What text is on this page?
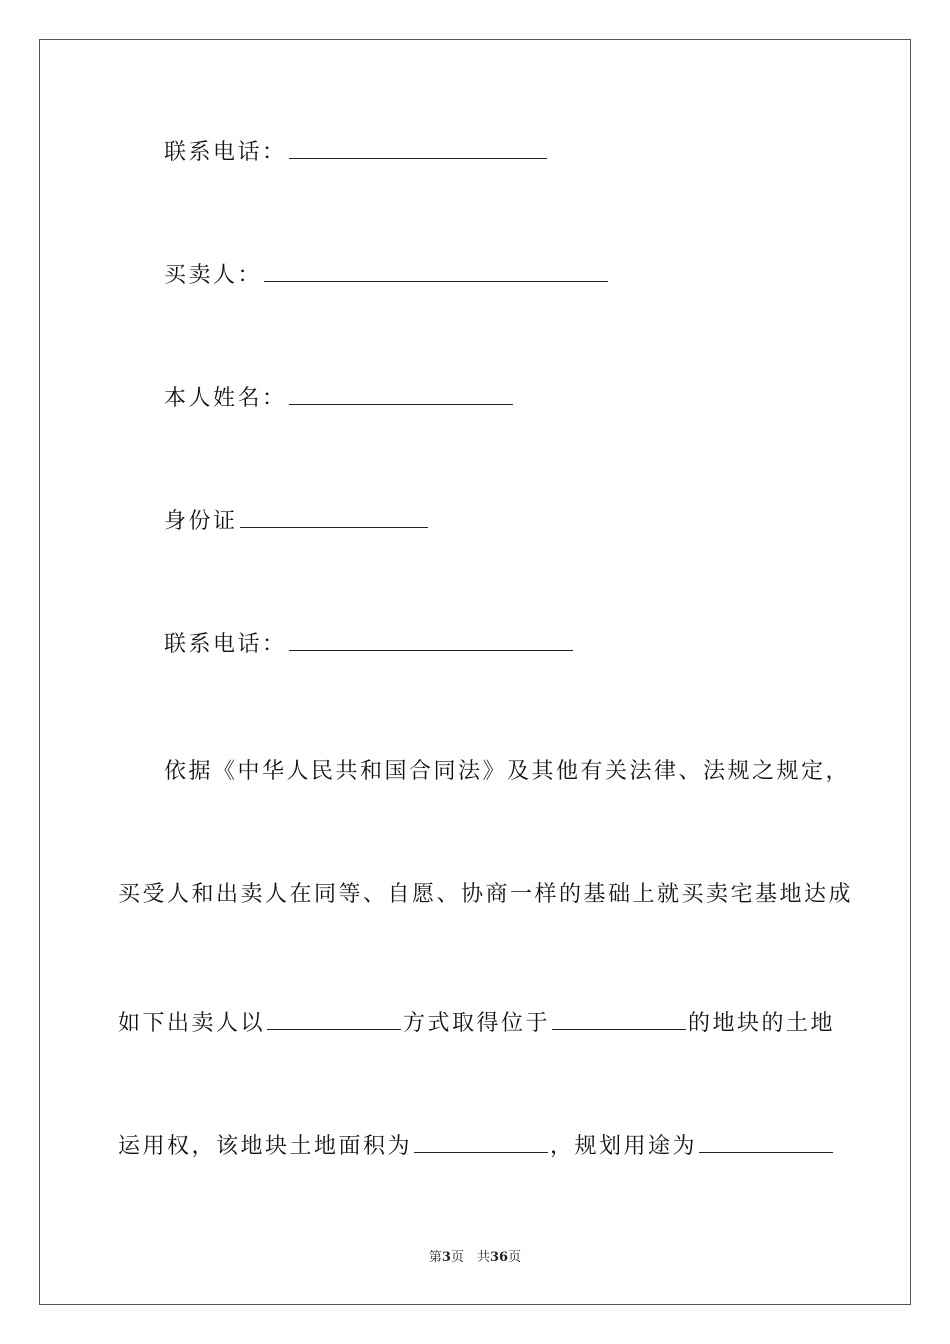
联系电话：
买卖人：
本人姓名：
身份证
联系电话：
依据《中华人民共和国合同法》及其他有关法律、法规之规定，
买受人和出卖人在同等、自愿、协商一样的基础上就买卖宅基地达成
如下出卖人以	方式取得位于	的地块的土地
运用权，该地块土地面积为	，规划用途为
第3页　共36页
